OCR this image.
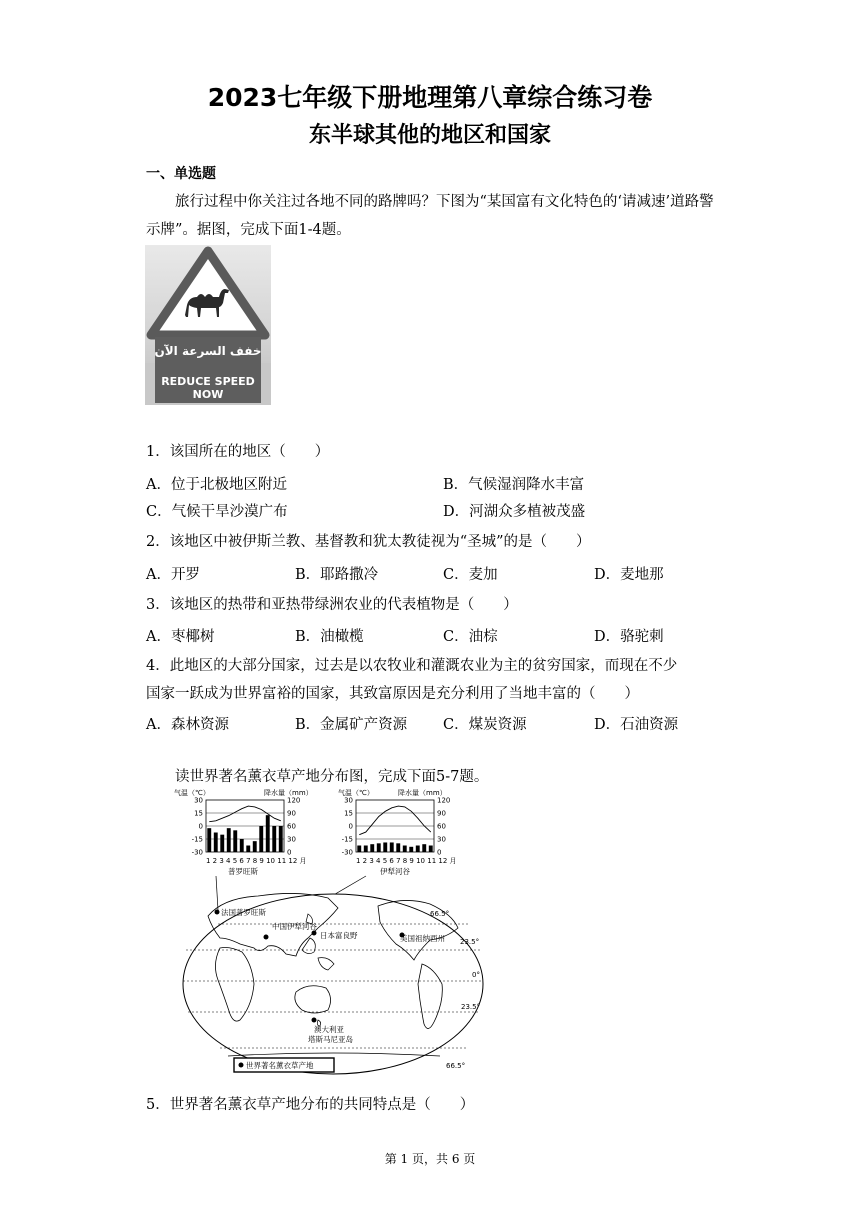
2023七年级下册地理第八章综合练习卷
东半球其他的地区和国家
一、单选题
旅行过程中你关注过各地不同的路牌吗？下图为“某国富有文化特色的‘请减速’道路警示牌”。据图，完成下面1-4题。
خفف السرعة الآن
REDUCE SPEED
NOW
1．该国所在的地区（　　）
A．位于北极地区附近	B．气候湿润降水丰富
C．气候干旱沙漠广布	D．河湖众多植被茂盛
2．该地区中被伊斯兰教、基督教和犹太教徒视为“圣城”的是（　　）
A．开罗	B．耶路撒冷	C．麦加	D．麦地那
3．该地区的热带和亚热带绿洲农业的代表植物是（　　）
A．枣椰树	B．油橄榄	C．油棕	D．骆驼刺
4．此地区的大部分国家，过去是以农牧业和灌溉农业为主的贫穷国家，而现在不少
国家一跃成为世界富裕的国家，其致富原因是充分利用了当地丰富的（　　）
A．森林资源	B．金属矿产资源 C．煤炭资源	D．石油资源
读世界著名薰衣草产地分布图，完成下面5-7题。
气温（℃）	降水量（mm）
30
15
0
-15
-30
120
90
60
30
0
1 2 3 4 5 6 7 8 9 10 11 12 月
普罗旺斯
气温（℃）	降水量（mm）
30
15
0
-15
-30
120
90
60
30
0
1 2 3 4 5 6 7 8 9 10 11 12 月
伊犁河谷
66.5°
23.5°
0°
23.5°
66.5°
法国普罗旺斯
中国伊犁河谷
日本富良野	美国祖纳西州
澳大利亚
塔斯马尼亚岛
世界著名薰衣草产地
5．世界著名薰衣草产地分布的共同特点是（　　）
第 1 页，共 6 页
